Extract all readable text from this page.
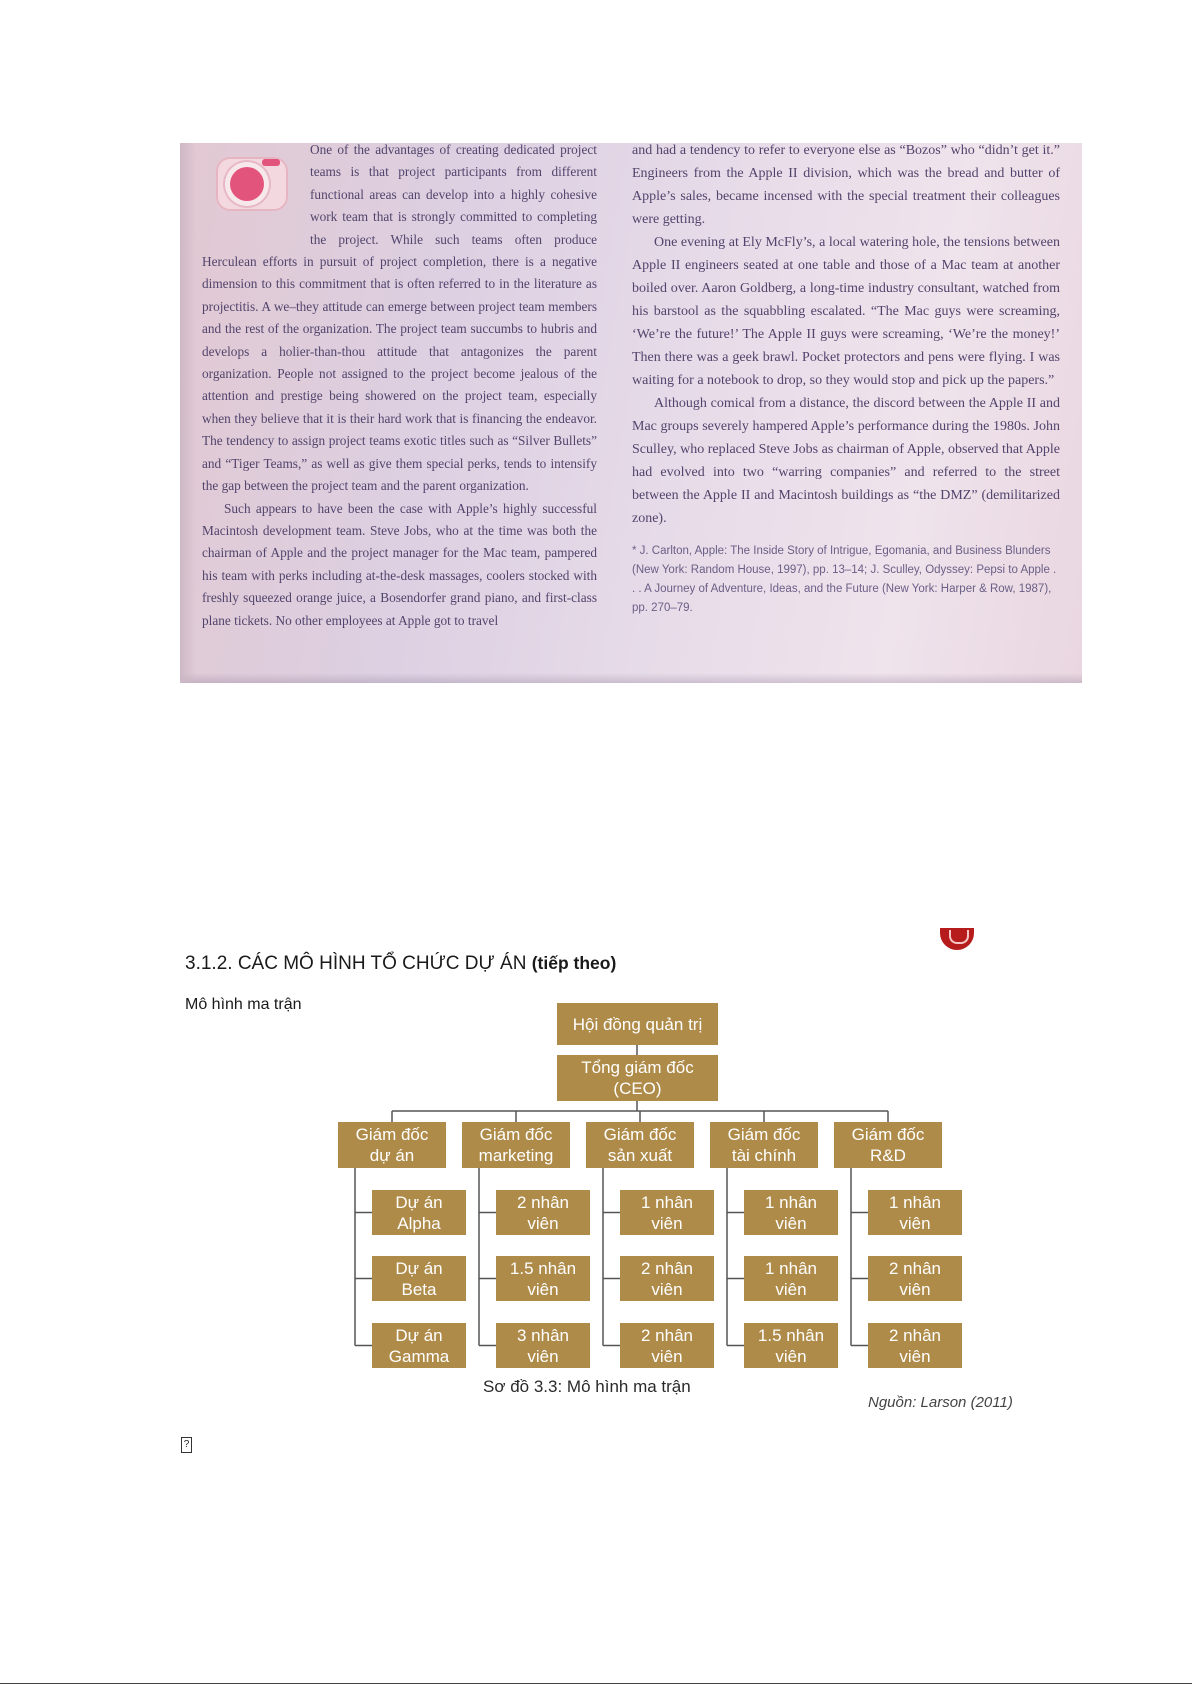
One of the advantages of creating dedicated project teams is that project participants from different functional areas can develop into a highly cohesive work team that is strongly committed to completing the project. While such teams often produce Herculean efforts in pursuit of project completion, there is a negative dimension to this commitment that is often referred to in the literature as projectitis. A we–they attitude can emerge between project team members and the rest of the organization. The project team succumbs to hubris and develops a holier-than-thou attitude that antagonizes the parent organization. People not assigned to the project become jealous of the attention and prestige being showered on the project team, especially when they believe that it is their hard work that is financing the endeavor. The tendency to assign project teams exotic titles such as “Silver Bullets” and “Tiger Teams,” as well as give them special perks, tends to intensify the gap between the project team and the parent organization.

Such appears to have been the case with Apple’s highly successful Macintosh development team. Steve Jobs, who at the time was both the chairman of Apple and the project manager for the Mac team, pampered his team with perks including at-the-desk massages, coolers stocked with freshly squeezed orange juice, a Bosendorfer grand piano, and first-class plane tickets. No other employees at Apple got to travel

and had a tendency to refer to everyone else as “Bozos” who “didn’t get it.” Engineers from the Apple II division, which was the bread and butter of Apple’s sales, became incensed with the special treatment their colleagues were getting.

One evening at Ely McFly’s, a local watering hole, the tensions between Apple II engineers seated at one table and those of a Mac team at another boiled over. Aaron Goldberg, a long-time industry consultant, watched from his barstool as the squabbling escalated. “The Mac guys were screaming, ‘We’re the future!’ The Apple II guys were screaming, ‘We’re the money!’ Then there was a geek brawl. Pocket protectors and pens were flying. I was waiting for a notebook to drop, so they would stop and pick up the papers.”

Although comical from a distance, the discord between the Apple II and Mac groups severely hampered Apple’s performance during the 1980s. John Sculley, who replaced Steve Jobs as chairman of Apple, observed that Apple had evolved into two “warring companies” and referred to the street between the Apple II and Macintosh buildings as “the DMZ” (demilitarized zone).

* J. Carlton, Apple: The Inside Story of Intrigue, Egomania, and Business Blunders (New York: Random House, 1997), pp. 13–14; J. Sculley, Odyssey: Pepsi to Apple . . . A Journey of Adventure, Ideas, and the Future (New York: Harper & Row, 1987), pp. 270–79.

3.1.2. CÁC MÔ HÌNH TỔ CHỨC DỰ ÁN (tiếp theo)
Mô hình ma trận
Hội đồng quản trị
Tổng giám đốc
(CEO)
Giám đốc
dự án
Dự án
Alpha
Dự án
Beta
Dự án
Gamma
Giám đốc
marketing
2 nhân
viên
1.5 nhân
viên
3 nhân
viên
Giám đốc
sản xuất
1 nhân
viên
2 nhân
viên
2 nhân
viên
Giám đốc
tài chính
1 nhân
viên
1 nhân
viên
1.5 nhân
viên
Giám đốc
R&D
1 nhân
viên
2 nhân
viên
2 nhân
viên
Sơ đồ 3.3: Mô hình ma trận
Nguồn: Larson (2011)
?
